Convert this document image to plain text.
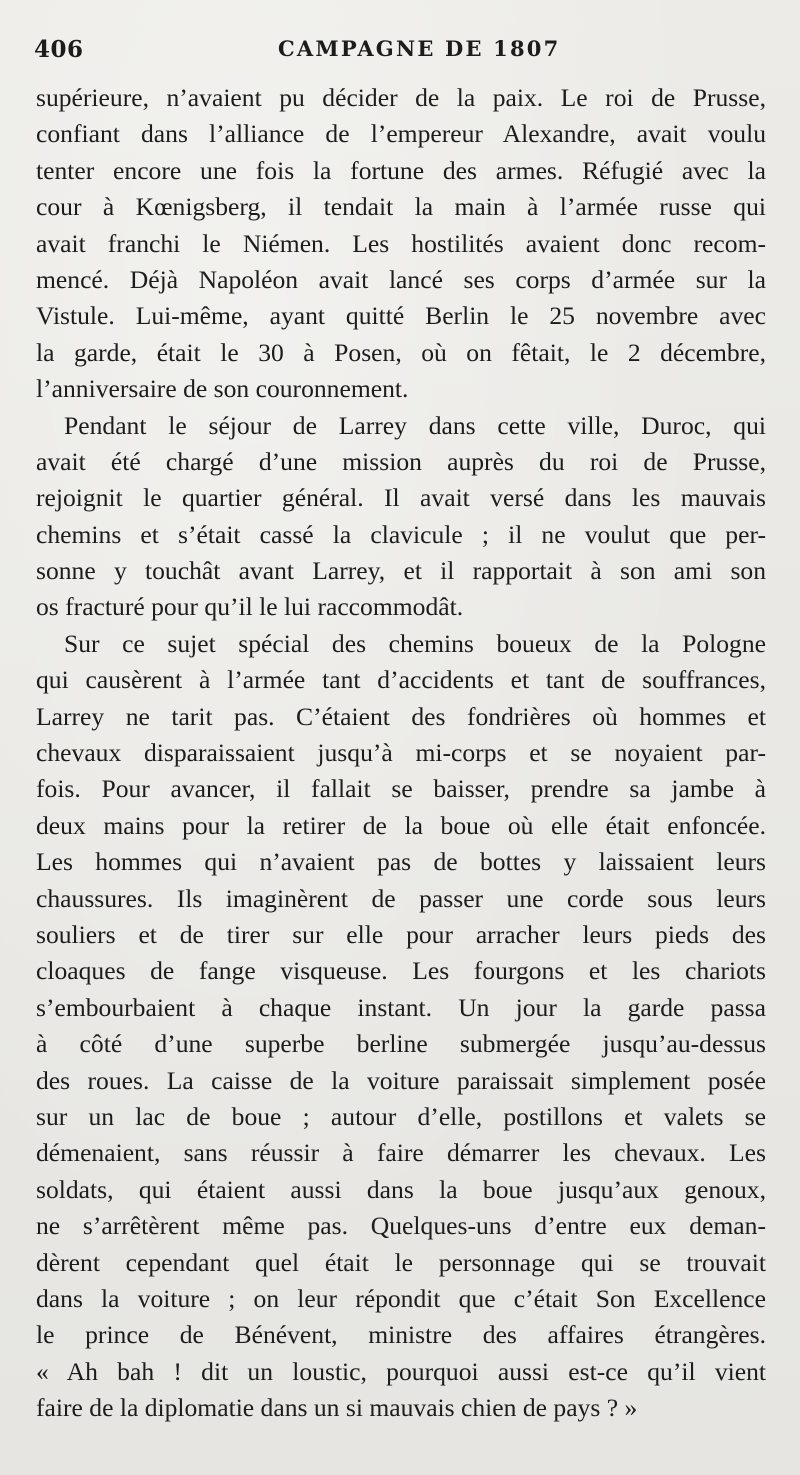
406	CAMPAGNE DE 1807
supérieure, n’avaient pu décider de la paix. Le roi de Prusse,
confiant dans l’alliance de l’empereur Alexandre, avait voulu
tenter encore une fois la fortune des armes. Réfugié avec la
cour à Kœnigsberg, il tendait la main à l’armée russe qui
avait franchi le Niémen. Les hostilités avaient donc recom-
mencé. Déjà Napoléon avait lancé ses corps d’armée sur la
Vistule. Lui-même, ayant quitté Berlin le 25 novembre avec
la garde, était le 30 à Posen, où on fêtait, le 2 décembre,
l’anniversaire de son couronnement.
Pendant le séjour de Larrey dans cette ville, Duroc, qui
avait été chargé d’une mission auprès du roi de Prusse,
rejoignit le quartier général. Il avait versé dans les mauvais
chemins et s’était cassé la clavicule ; il ne voulut que per-
sonne y touchât avant Larrey, et il rapportait à son ami son
os fracturé pour qu’il le lui raccommodât.
Sur ce sujet spécial des chemins boueux de la Pologne
qui causèrent à l’armée tant d’accidents et tant de souffrances,
Larrey ne tarit pas. C’étaient des fondrières où hommes et
chevaux disparaissaient jusqu’à mi-corps et se noyaient par-
fois. Pour avancer, il fallait se baisser, prendre sa jambe à
deux mains pour la retirer de la boue où elle était enfoncée.
Les hommes qui n’avaient pas de bottes y laissaient leurs
chaussures. Ils imaginèrent de passer une corde sous leurs
souliers et de tirer sur elle pour arracher leurs pieds des
cloaques de fange visqueuse. Les fourgons et les chariots
s’embourbaient à chaque instant. Un jour la garde passa
à côté d’une superbe berline submergée jusqu’au-dessus
des roues. La caisse de la voiture paraissait simplement posée
sur un lac de boue ; autour d’elle, postillons et valets se
démenaient, sans réussir à faire démarrer les chevaux. Les
soldats, qui étaient aussi dans la boue jusqu’aux genoux,
ne s’arrêtèrent même pas. Quelques-uns d’entre eux deman-
dèrent cependant quel était le personnage qui se trouvait
dans la voiture ; on leur répondit que c’était Son Excellence
le prince de Bénévent, ministre des affaires étrangères.
« Ah bah ! dit un loustic, pourquoi aussi est-ce qu’il vient
faire de la diplomatie dans un si mauvais chien de pays ? »
